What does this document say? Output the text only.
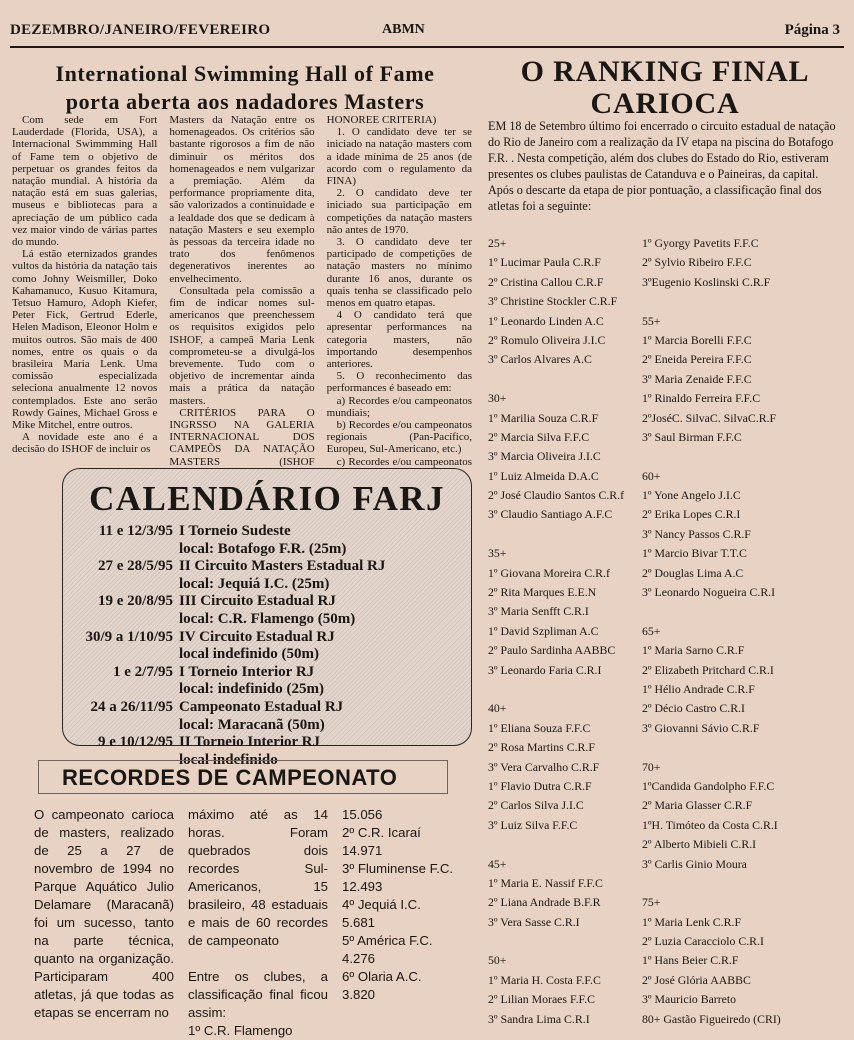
DEZEMBRO/JANEIRO/FEVEREIRO	ABMN	Página 3
International Swimming Hall of Fame
porta aberta aos nadadores Masters

Com sede em Fort Lauderdade (Florida, USA), a Internacional Swimmming Hall of Fame tem o objetivo de perpetuar os grandes feitos da natação mundial. A história da natação está em suas galerias, museus e bibliotecas para a apreciação de um público cada vez maior vindo de várias partes do mundo.

Lá estão eternizados grandes vultos da história da natação tais como Johny Weismiller, Doko Kahamanuco, Kusuo Kitamura, Tetsuo Hamuro, Adoph Kiefer, Peter Fick, Gertrud Ederle, Helen Madison, Eleonor Holm e muitos outros. São mais de 400 nomes, entre os quais o da brasileira Maria Lenk. Uma comissão especializada seleciona anualmente 12 novos contemplados. Este ano serão Rowdy Gaines, Michael Gross e Mike Mitchel, entre outros.

A novidade este ano é a decisão do ISHOF de incluir os

Masters da Natação entre os homenageados. Os critérios são bastante rigorosos a fim de não diminuir os méritos dos homenageados e nem vulgarizar a premiação. Além da performance propriamente dita, são valorizados a continuidade e a lealdade dos que se dedicam à natação Masters e seu exemplo às pessoas da terceira idade no trato dos fenômenos degenerativos inerentes ao envelhecimento.

Consultada pela comissão a fim de indicar nomes sul-americanos que preenchessem os requisitos exigidos pelo ISHOF, a campeã Maria Lenk comprometeu-se a divulgá-los brevemente. Tudo com o objetivo de incrementar ainda mais a prática da natação masters.

CRITÉRIOS PARA O INGRSSO NA GALERIA INTERNACIONAL DOS CAMPEÕS DA NATAÇÃO MASTERS (ISHOF

HONOREE CRITERIA)

1. O candidato deve ter se iniciado na natação masters com a idade mínima de 25 anos (de acordo com o regulamento da FINA)

2. O candidato deve ter iniciado sua participação em competições da natação masters não antes de 1970.

3. O candidato deve ter participado de competições de natação masters no mínimo durante 16 anos, durante os quais tenha se classificado pelo menos em quatro etapas.

4 O candidato terá que apresentar performances na categoria masters, não importando desempenhos anteriores.

5. O reconhecimento das performances é baseado em:

a) Recordes e/ou campeonatos mundiais;

b) Recordes e/ou campeonatos regionais (Pan-Pacífico, Europeu, Sul-Americano, etc.)

c) Recordes e/ou campeonatos

CALENDÁRIO FARJ
11 e 12/3/95 I Torneio Sudeste
local: Botafogo F.R. (25m)
27 e 28/5/95 II Circuito Masters Estadual RJ
local: Jequiá I.C. (25m)
19 e 20/8/95 III Circuito Estadual RJ
local: C.R. Flamengo (50m)
30/9 a 1/10/95 IV Circuito Estadual RJ
local indefinido (50m)
1 e 2/7/95 I Torneio Interior RJ
local: indefinido (25m)
24 a 26/11/95 Campeonato Estadual RJ
local: Maracanã (50m)
9 e 10/12/95 II Torneio Interior RJ
local indefinido
RECORDES DE CAMPEONATO
O campeonato carioca de masters, realizado de 25 a 27 de novembro de 1994 no Parque Aquático Julio Delamare (Maracanã) foi um sucesso, tanto na parte técnica, quanto na organização. Participaram 400 atletas, já que todas as etapas se encerram no
máximo até as 14 horas. Foram quebrados dois recordes Sul-Americanos, 15 brasileiro, 48 estaduais e mais de 60 recordes de campeonato
Entre os clubes, a classificação final ficou assim:
1º C.R. Flamengo
15.056
2º C.R. Icaraí
14.971
3º Fluminense F.C.
12.493
4º Jequiá I.C.
5.681
5º América F.C.
4.276
6º Olaria A.C.
3.820
O RANKING FINAL
CARIOCA

EM 18 de Setembro último foi encerrado o circuito estadual de natação do Rio de Janeiro com a realização da IV etapa na piscina do Botafogo F.R. . Nesta competição, além dos clubes do Estado do Rio, estiveram presentes os clubes paulistas de Catanduva e o Paineiras, da capital.

Após o descarte da etapa de pior pontuação, a classificação final dos atletas foi a seguinte:

25+
1º Lucimar Paula C.R.F
2º Cristina Callou C.R.F
3º Christine Stockler C.R.F
1º Leonardo Linden A.C
2º Romulo Oliveira J.I.C
3º Carlos Alvares A.C
30+
1º Marilia Souza C.R.F
2º Marcia Silva F.F.C
3º Marcia Oliveira J.I.C
1º Luiz Almeida D.A.C
2º José Claudio Santos C.R.f
3º Claudio Santiago A.F.C
35+
1º Giovana Moreira C.R.f
2º Rita Marques E.E.N
3º Maria Senfft C.R.I
1º David Szpliman A.C
2º Paulo Sardinha AABBC
3º Leonardo Faria C.R.I
40+
1º Eliana Souza F.F.C
2º Rosa Martins C.R.F
3º Vera Carvalho C.R.F
1º Flavio Dutra C.R.F
2º Carlos Silva J.I.C
3º Luiz Silva F.F.C
45+
1º Maria E. Nassif F.F.C
2º Liana Andrade B.F.R
3º Vera Sasse C.R.I
50+
1º Maria H. Costa F.F.C
2º Lilian Moraes F.F.C
3º Sandra Lima C.R.I
1º Gyorgy Pavetits F.F.C
2º Sylvio Ribeiro F.F.C
3ºEugenio Koslinski C.R.F
55+
1º Marcia Borelli F.F.C
2º Eneida Pereira F.F.C
3º Maria Zenaide F.F.C
1º Rinaldo Ferreira F.F.C
2ºJoséC. SilvaC. SilvaC.R.F
3º Saul Birman F.F.C
60+
1º Yone Angelo J.I.C
2º Erika Lopes C.R.I
3º Nancy Passos C.R.F
1º Marcio Bivar T.T.C
2º Douglas Lima A.C
3º Leonardo Nogueira C.R.I
65+
1º Maria Sarno C.R.F
2º Elizabeth Pritchard C.R.I
1º Hélio Andrade C.R.F
2º Décio Castro C.R.I
3º Giovanni Sávio C.R.F
70+
1ºCandida Gandolpho F.F.C
2º Maria Glasser C.R.F
1ºH. Timóteo da Costa C.R.I
2º Alberto Mibieli C.R.I
3º Carlis Ginio Moura
75+
1º Maria Lenk C.R.F
2º Luzia Caracciolo C.R.I
1º Hans Beier C.R.F
2º José Glória AABBC
3º Mauricio Barreto
80+ Gastão Figueiredo (CRI)
